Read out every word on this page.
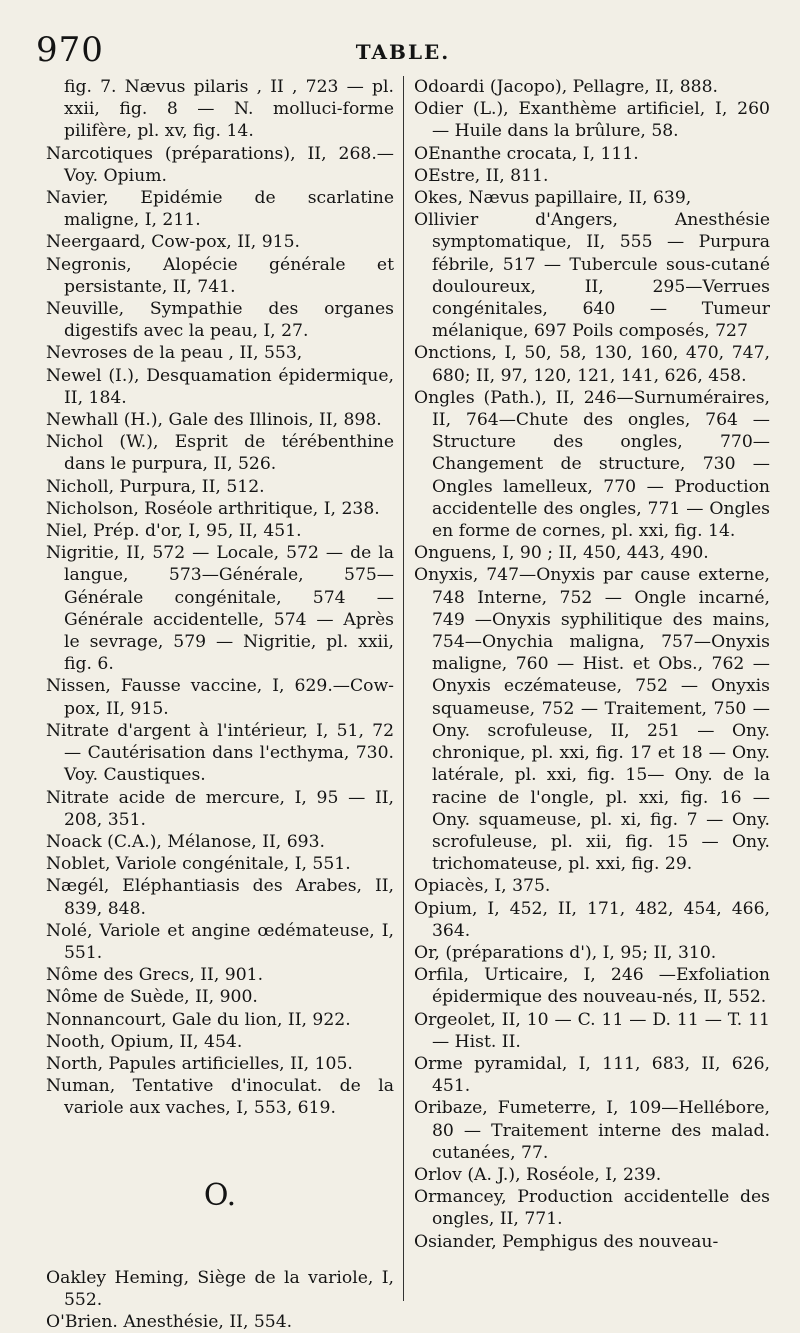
970	TABLE.

fig. 7. Nævus pilaris , II , 723 — pl. xxii, fig. 8 — N. molluci-forme pilifère, pl. xv, fig. 14.

Narcotiques (préparations), II, 268.— Voy. Opium.

Navier, Epidémie de scarlatine maligne, I, 211.

Neergaard, Cow-pox, II, 915.

Negronis, Alopécie générale et persistante, II, 741.

Neuville, Sympathie des organes digestifs avec la peau, I, 27.

Nevroses de la peau , II, 553,

Newel (I.), Desquamation épidermique, II, 184.

Newhall (H.), Gale des Illinois, II, 898.

Nichol (W.), Esprit de térébenthine dans le purpura, II, 526.

Nicholl, Purpura, II, 512.

Nicholson, Roséole arthritique, I, 238.

Niel, Prép. d'or, I, 95, II, 451.

Nigritie, II, 572 — Locale, 572 — de la langue, 573—Générale, 575—Générale congénitale, 574 — Générale accidentelle, 574 — Après le sevrage, 579 — Nigritie, pl. xxii, fig. 6.

Nissen, Fausse vaccine, I, 629.—Cow-pox, II, 915.

Nitrate d'argent à l'intérieur, I, 51, 72 — Cautérisation dans l'ecthyma, 730. Voy. Caustiques.

Nitrate acide de mercure, I, 95 — II, 208, 351.

Noack (C.A.), Mélanose, II, 693.

Noblet, Variole congénitale, I, 551.

Nægél, Eléphantiasis des Arabes, II, 839, 848.

Nolé, Variole et angine œdémateuse, I, 551.

Nôme des Grecs, II, 901.

Nôme de Suède, II, 900.

Nonnancourt, Gale du lion, II, 922.

Nooth, Opium, II, 454.

North, Papules artificielles, II, 105.

Numan, Tentative d'inoculat. de la variole aux vaches, I, 553, 619.

O.

Oakley Heming, Siège de la variole, I, 552.

O'Brien. Anesthésie, II, 554.

Odoardi (Jacopo), Pellagre, II, 888.

Odier (L.), Exanthème artificiel, I, 260 — Huile dans la brûlure, 58.

OEnanthe crocata, I, 111.

OEstre, II, 811.

Okes, Nævus papillaire, II, 639,

Ollivier d'Angers, Anesthésie symptomatique, II, 555 — Purpura fébrile, 517 — Tubercule sous-cutané douloureux, II, 295—Verrues congénitales, 640 — Tumeur mélanique, 697 Poils composés, 727

Onctions, I, 50, 58, 130, 160, 470, 747, 680; II, 97, 120, 121, 141, 626, 458.

Ongles (Path.), II, 246—Surnuméraires, II, 764—Chute des ongles, 764 — Structure des ongles, 770—Changement de structure, 730 — Ongles lamelleux, 770 — Production accidentelle des ongles, 771 — Ongles en forme de cornes, pl. xxi, fig. 14.

Onguens, I, 90 ; II, 450, 443, 490.

Onyxis, 747—Onyxis par cause externe, 748 Interne, 752 — Ongle incarné, 749 —Onyxis syphilitique des mains, 754—Onychia maligna, 757—Onyxis maligne, 760 — Hist. et Obs., 762 — Onyxis eczémateuse, 752 — Onyxis squameuse, 752 — Traitement, 750 — Ony. scrofuleuse, II, 251 — Ony. chronique, pl. xxi, fig. 17 et 18 — Ony. latérale, pl. xxi, fig. 15— Ony. de la racine de l'ongle, pl. xxi, fig. 16 — Ony. squameuse, pl. xi, fig. 7 — Ony. scrofuleuse, pl. xii, fig. 15 — Ony. trichomateuse, pl. xxi, fig. 29.

Opiacès, I, 375.

Opium, I, 452, II, 171, 482, 454, 466, 364.

Or, (préparations d'), I, 95; II, 310.

Orfila, Urticaire, I, 246 —Exfoliation épidermique des nouveau-nés, II, 552.

Orgeolet, II, 10 — C. 11 — D. 11 — T. 11 — Hist. II.

Orme pyramidal, I, 111, 683, II, 626, 451.

Oribaze, Fumeterre, I, 109—Hellébore, 80 — Traitement interne des malad. cutanées, 77.

Orlov (A. J.), Roséole, I, 239.

Ormancey, Production accidentelle des ongles, II, 771.

Osiander, Pemphigus des nouveau-
